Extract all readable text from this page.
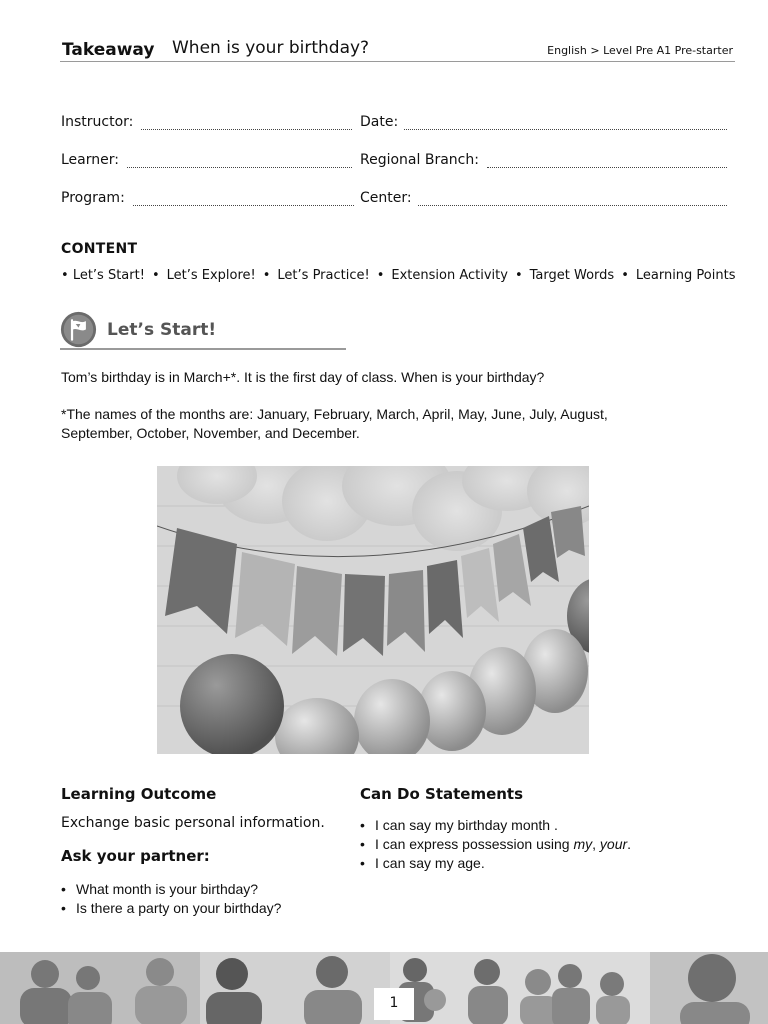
Takeaway When is your birthday?	English > Level Pre A1 Pre-starter
Instructor:	Date:
Learner:	Regional Branch:
Program:	Center:
CONTENT
• Let’s Start! • Let’s Explore! • Let’s Practice! • Extension Activity • Target Words • Learning Points
Let’s Start!
Tom’s birthday is in March+*. It is the first day of class. When is your birthday?
*The names of the months are: January, February, March, April, May, June, July, August,
September, October, November, and December.
Learning Outcome
Exchange basic personal information.
Ask your partner:
• What month is your birthday?
• Is there a party on your birthday?
Can Do Statements
• I can say my birthday month .
• I can express possession using my, your.
• I can say my age.
1
